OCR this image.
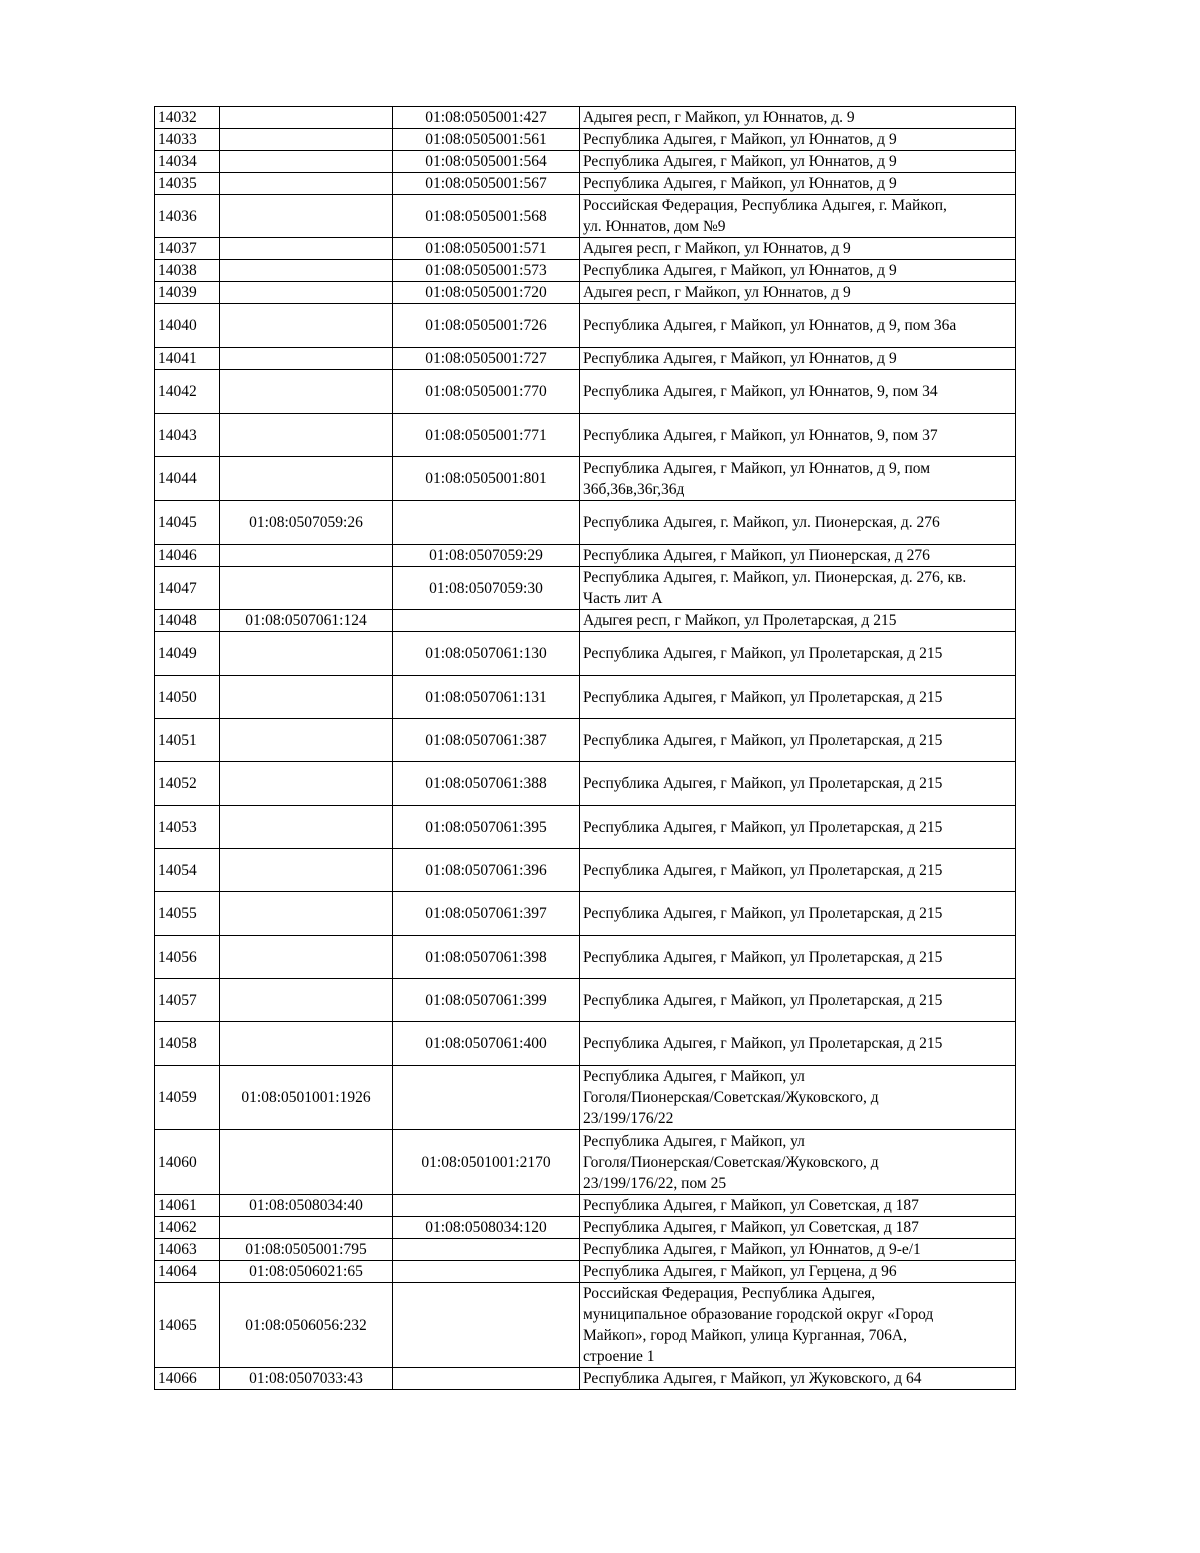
14032		01:08:0505001:427	Адыгея респ, г Майкоп, ул Юннатов, д. 9
14033		01:08:0505001:561	Республика Адыгея, г Майкоп, ул Юннатов, д 9
14034		01:08:0505001:564	Республика Адыгея, г Майкоп, ул Юннатов, д 9
14035		01:08:0505001:567	Республика Адыгея, г Майкоп, ул Юннатов, д 9
14036		01:08:0505001:568	Российская Федерация, Республика Адыгея, г. Майкоп,
ул. Юннатов, дом №9
14037		01:08:0505001:571	Адыгея респ, г Майкоп, ул Юннатов, д 9
14038		01:08:0505001:573	Республика Адыгея, г Майкоп, ул Юннатов, д 9
14039		01:08:0505001:720	Адыгея респ, г Майкоп, ул Юннатов, д 9
14040		01:08:0505001:726	Республика Адыгея, г Майкоп, ул Юннатов, д 9, пом 36а
14041		01:08:0505001:727	Республика Адыгея, г Майкоп, ул Юннатов, д 9
14042		01:08:0505001:770	Республика Адыгея, г Майкоп, ул Юннатов, 9, пом 34
14043		01:08:0505001:771	Республика Адыгея, г Майкоп, ул Юннатов, 9, пом 37
14044		01:08:0505001:801	Республика Адыгея, г Майкоп, ул Юннатов, д 9, пом
36б,36в,36г,36д
14045	01:08:0507059:26		Республика Адыгея, г. Майкоп, ул. Пионерская, д. 276
14046		01:08:0507059:29	Республика Адыгея, г Майкоп, ул Пионерская, д 276
14047		01:08:0507059:30	Республика Адыгея, г. Майкоп, ул. Пионерская, д. 276, кв.
Часть лит А
14048	01:08:0507061:124		Адыгея респ, г Майкоп, ул Пролетарская, д 215
14049		01:08:0507061:130	Республика Адыгея, г Майкоп, ул Пролетарская, д 215
14050		01:08:0507061:131	Республика Адыгея, г Майкоп, ул Пролетарская, д 215
14051		01:08:0507061:387	Республика Адыгея, г Майкоп, ул Пролетарская, д 215
14052		01:08:0507061:388	Республика Адыгея, г Майкоп, ул Пролетарская, д 215
14053		01:08:0507061:395	Республика Адыгея, г Майкоп, ул Пролетарская, д 215
14054		01:08:0507061:396	Республика Адыгея, г Майкоп, ул Пролетарская, д 215
14055		01:08:0507061:397	Республика Адыгея, г Майкоп, ул Пролетарская, д 215
14056		01:08:0507061:398	Республика Адыгея, г Майкоп, ул Пролетарская, д 215
14057		01:08:0507061:399	Республика Адыгея, г Майкоп, ул Пролетарская, д 215
14058		01:08:0507061:400	Республика Адыгея, г Майкоп, ул Пролетарская, д 215
14059	01:08:0501001:1926		Республика Адыгея, г Майкоп, ул
Гоголя/Пионерская/Советская/Жуковского, д
23/199/176/22
14060		01:08:0501001:2170	Республика Адыгея, г Майкоп, ул
Гоголя/Пионерская/Советская/Жуковского, д
23/199/176/22, пом 25
14061	01:08:0508034:40		Республика Адыгея, г Майкоп, ул Советская, д 187
14062		01:08:0508034:120	Республика Адыгея, г Майкоп, ул Советская, д 187
14063	01:08:0505001:795		Республика Адыгея, г Майкоп, ул Юннатов, д 9-е/1
14064	01:08:0506021:65		Республика Адыгея, г Майкоп, ул Герцена, д 96
14065	01:08:0506056:232		Российская Федерация, Республика Адыгея,
муниципальное образование городской округ «Город
Майкоп», город Майкоп, улица Курганная, 706А,
строение 1
14066	01:08:0507033:43		Республика Адыгея, г Майкоп, ул Жуковского, д 64
